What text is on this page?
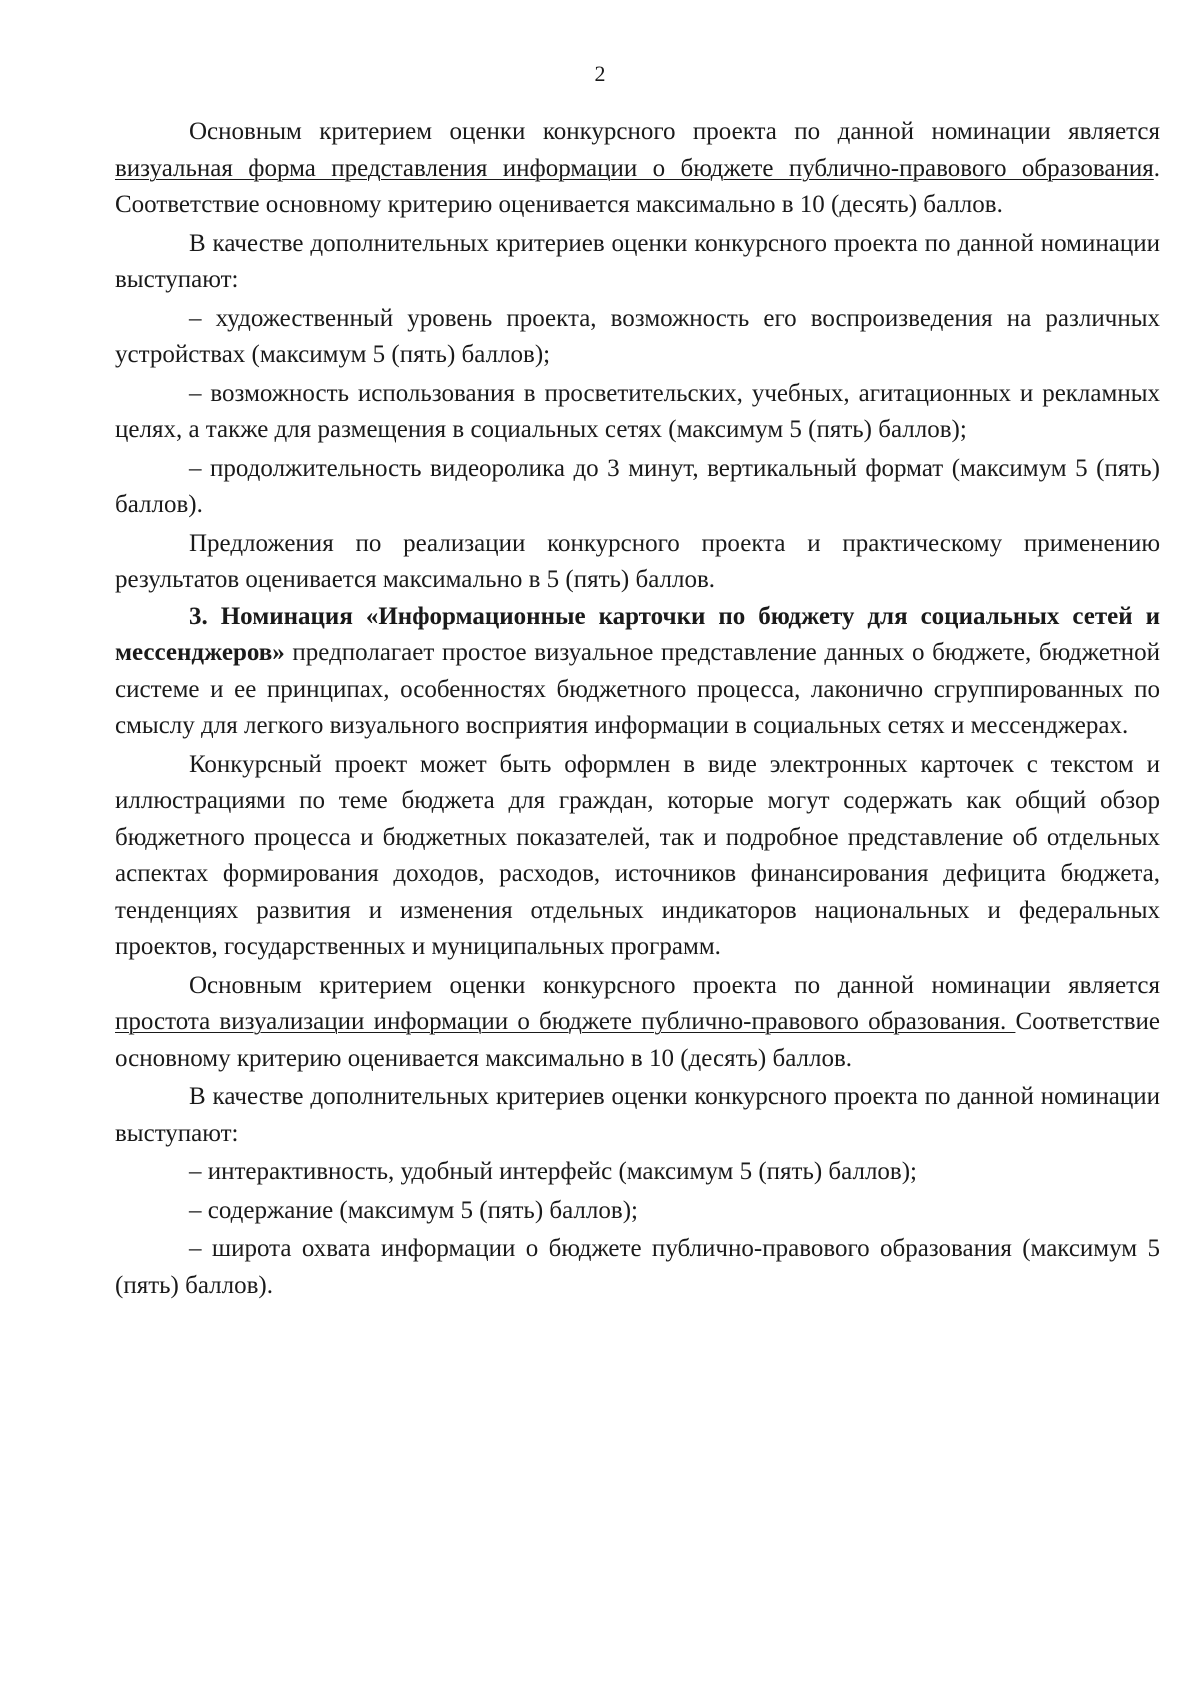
2

Основным критерием оценки конкурсного проекта по данной номинации является визуальная форма представления информации о бюджете публично-правового образования. Соответствие основному критерию оценивается максимально в 10 (десять) баллов.

В качестве дополнительных критериев оценки конкурсного проекта по данной номинации выступают:

– художественный уровень проекта, возможность его воспроизведения на различных устройствах (максимум 5 (пять) баллов);

– возможность использования в просветительских, учебных, агитационных и рекламных целях, а также для размещения в социальных сетях (максимум 5 (пять) баллов);

– продолжительность видеоролика до 3 минут, вертикальный формат (максимум 5 (пять) баллов).

Предложения по реализации конкурсного проекта и практическому применению результатов оценивается максимально в 5 (пять) баллов.

3. Номинация «Информационные карточки по бюджету для социальных сетей и мессенджеров» предполагает простое визуальное представление данных о бюджете, бюджетной системе и ее принципах, особенностях бюджетного процесса, лаконично сгруппированных по смыслу для легкого визуального восприятия информации в социальных сетях и мессенджерах.

Конкурсный проект может быть оформлен в виде электронных карточек с текстом и иллюстрациями по теме бюджета для граждан, которые могут содержать как общий обзор бюджетного процесса и бюджетных показателей, так и подробное представление об отдельных аспектах формирования доходов, расходов, источников финансирования дефицита бюджета, тенденциях развития и изменения отдельных индикаторов национальных и федеральных проектов, государственных и муниципальных программ.

Основным критерием оценки конкурсного проекта по данной номинации является простота визуализации информации о бюджете публично-правового образования. Соответствие основному критерию оценивается максимально в 10 (десять) баллов.

В качестве дополнительных критериев оценки конкурсного проекта по данной номинации выступают:

– интерактивность, удобный интерфейс (максимум 5 (пять) баллов);

– содержание (максимум 5 (пять) баллов);

– широта охвата информации о бюджете публично-правового образования (максимум 5 (пять) баллов).
